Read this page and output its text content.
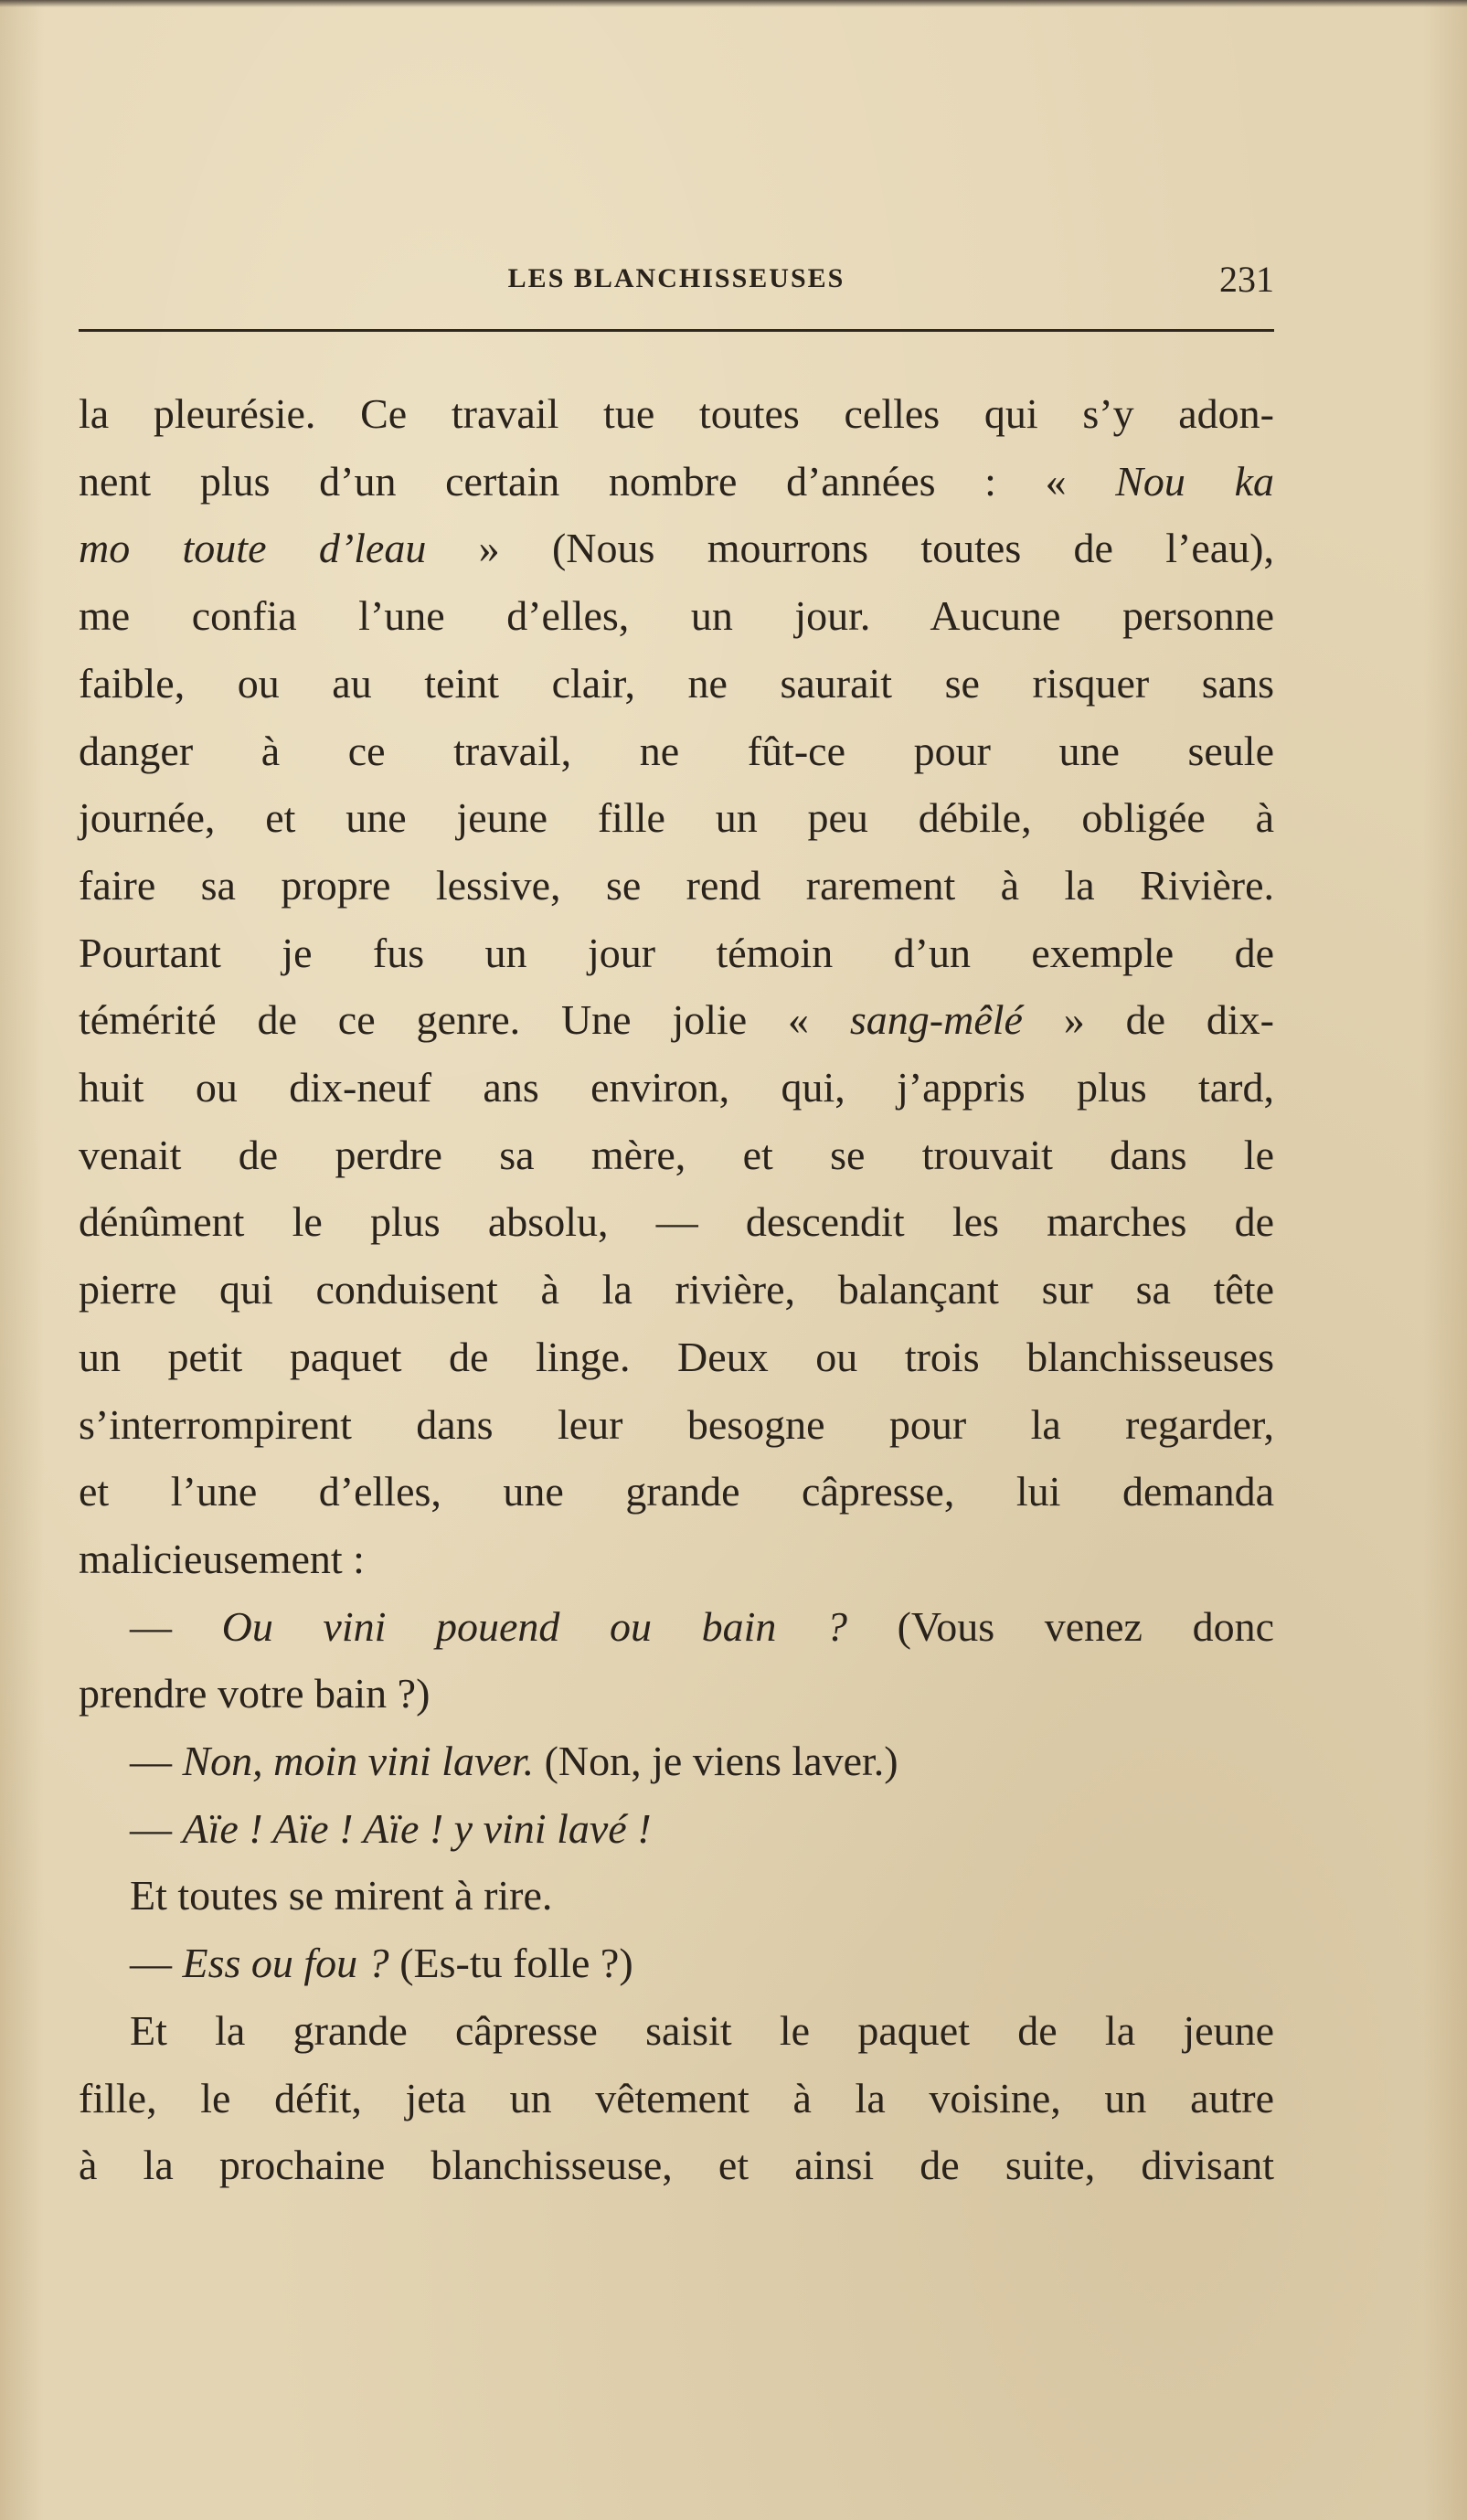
LES BLANCHISSEUSES	231
la pleurésie. Ce travail tue toutes celles qui s’y adon-
nent plus d’un certain nombre d’années : « Nou ka
mo toute d’leau » (Nous mourrons toutes de l’eau),
me confia l’une d’elles, un jour. Aucune personne
faible, ou au teint clair, ne saurait se risquer sans
danger à ce travail, ne fût-ce pour une seule
journée, et une jeune fille un peu débile, obligée à
faire sa propre lessive, se rend rarement à la Rivière.
Pourtant je fus un jour témoin d’un exemple de
témérité de ce genre. Une jolie « sang-mêlé » de dix-
huit ou dix-neuf ans environ, qui, j’appris plus tard,
venait de perdre sa mère, et se trouvait dans le
dénûment le plus absolu, — descendit les marches de
pierre qui conduisent à la rivière, balançant sur sa tête
un petit paquet de linge. Deux ou trois blanchisseuses
s’interrompirent dans leur besogne pour la regarder,
et l’une d’elles, une grande câpresse, lui demanda
malicieusement :
— Ou vini pouend ou bain ? (Vous venez donc
prendre votre bain ?)
— Non, moin vini laver. (Non, je viens laver.)
— Aïe ! Aïe ! Aïe ! y vini lavé !
Et toutes se mirent à rire.
— Ess ou fou ? (Es-tu folle ?)
Et la grande câpresse saisit le paquet de la jeune
fille, le défit, jeta un vêtement à la voisine, un autre
à la prochaine blanchisseuse, et ainsi de suite, divisant
